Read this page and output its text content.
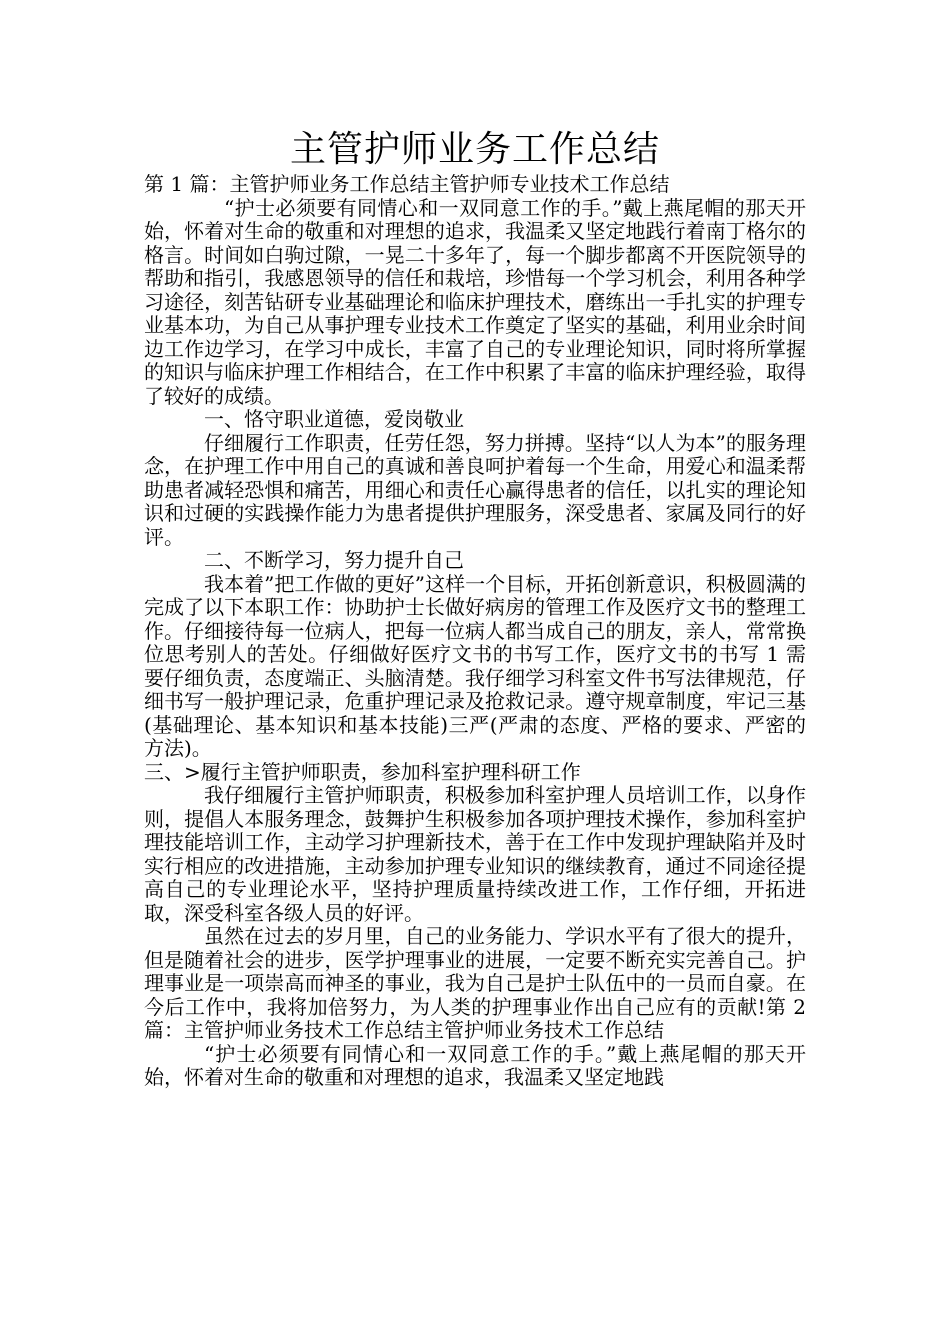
主管护师业务工作总结

第 1 篇：主管护师业务工作总结主管护师专业技术工作总结

“护士必须要有同情心和一双同意工作的手。”戴上燕尾帽的那天开始，怀着对生命的敬重和对理想的追求，我温柔又坚定地践行着南丁格尔的格言。时间如白驹过隙，一晃二十多年了，每一个脚步都离不开医院领导的帮助和指引，我感恩领导的信任和栽培，珍惜每一个学习机会，利用各种学习途径，刻苦钻研专业基础理论和临床护理技术，磨练出一手扎实的护理专业基本功，为自己从事护理专业技术工作奠定了坚实的基础，利用业余时间边工作边学习，在学习中成长，丰富了自己的专业理论知识，同时将所掌握的知识与临床护理工作相结合，在工作中积累了丰富的临床护理经验，取得了较好的成绩。

一、恪守职业道德，爱岗敬业

仔细履行工作职责，任劳任怨，努力拼搏。坚持“以人为本”的服务理念，在护理工作中用自己的真诚和善良呵护着每一个生命，用爱心和温柔帮助患者减轻恐惧和痛苦，用细心和责任心赢得患者的信任，以扎实的理论知识和过硬的实践操作能力为患者提供护理服务，深受患者、家属及同行的好评。

二、不断学习，努力提升自己

我本着”把工作做的更好”这样一个目标，开拓创新意识，积极圆满的完成了以下本职工作：协助护士长做好病房的管理工作及医疗文书的整理工作。仔细接待每一位病人，把每一位病人都当成自己的朋友，亲人，常常换位思考别人的苦处。仔细做好医疗文书的书写工作，医疗文书的书写 1 需要仔细负责，态度端正、头脑清楚。我仔细学习科室文件书写法律规范，仔细书写一般护理记录，危重护理记录及抢救记录。遵守规章制度，牢记三基(基础理论、基本知识和基本技能)三严(严肃的态度、严格的要求、严密的方法)。

三、>履行主管护师职责，参加科室护理科研工作

我仔细履行主管护师职责，积极参加科室护理人员培训工作，以身作则，提倡人本服务理念，鼓舞护生积极参加各项护理技术操作，参加科室护理技能培训工作，主动学习护理新技术，善于在工作中发现护理缺陷并及时实行相应的改进措施，主动参加护理专业知识的继续教育，通过不同途径提高自己的专业理论水平，坚持护理质量持续改进工作，工作仔细，开拓进取，深受科室各级人员的好评。

虽然在过去的岁月里，自己的业务能力、学识水平有了很大的提升，但是随着社会的进步，医学护理事业的进展，一定要不断充实完善自己。护理事业是一项崇高而神圣的事业，我为自己是护士队伍中的一员而自豪。在今后工作中，我将加倍努力，为人类的护理事业作出自己应有的贡献!第 2 篇：主管护师业务技术工作总结主管护师业务技术工作总结

“护士必须要有同情心和一双同意工作的手。”戴上燕尾帽的那天开始，怀着对生命的敬重和对理想的追求，我温柔又坚定地践
